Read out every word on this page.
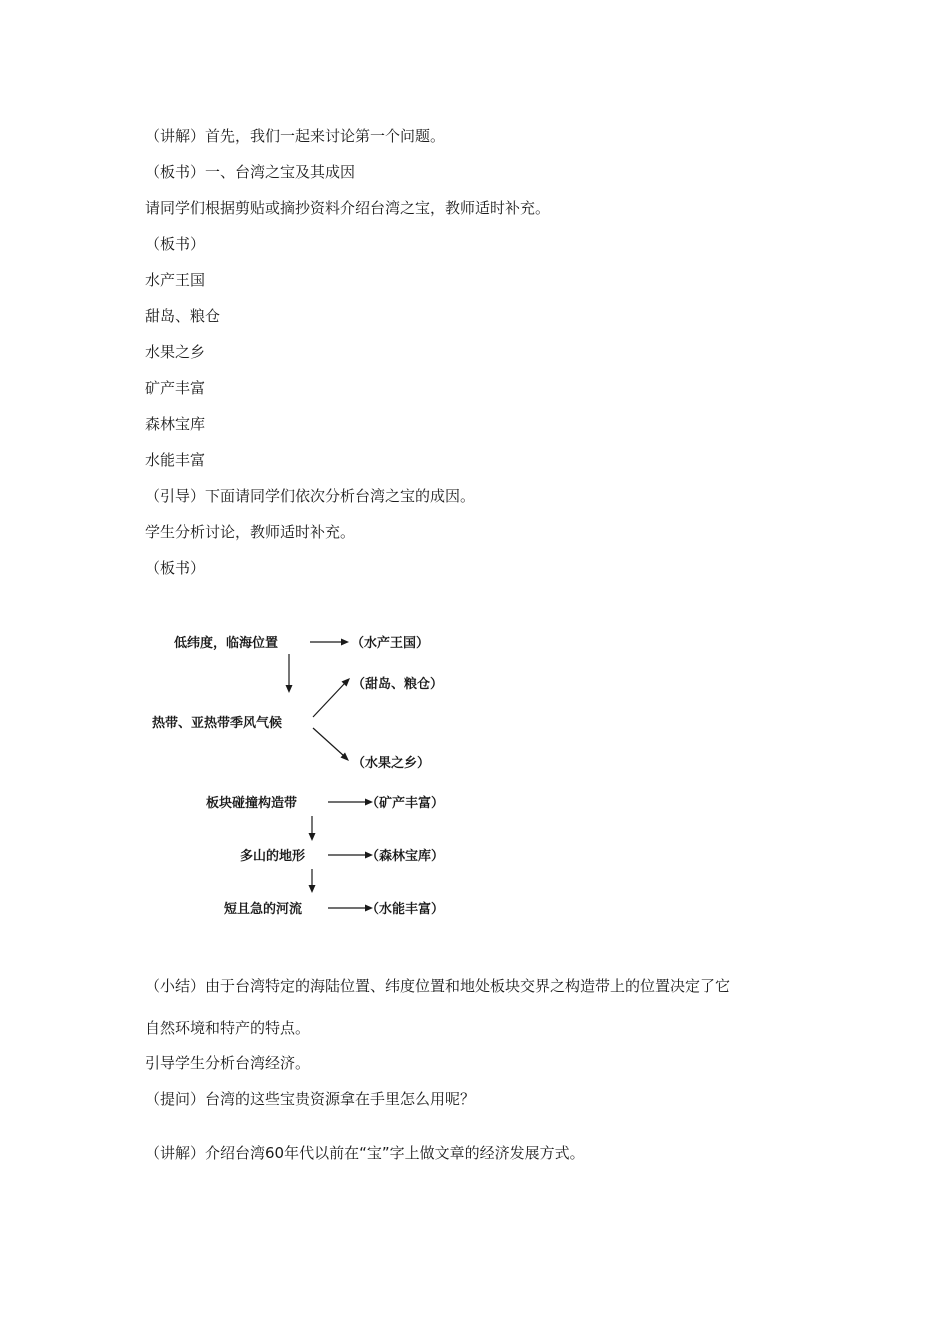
（讲解）首先，我们一起来讨论第一个问题。
（板书）一、台湾之宝及其成因
请同学们根据剪贴或摘抄资料介绍台湾之宝，教师适时补充。
（板书）
水产王国
甜岛、粮仓
水果之乡
矿产丰富
森林宝库
水能丰富
（引导）下面请同学们依次分析台湾之宝的成因。
学生分析讨论，教师适时补充。
（板书）
低纬度，临海位置	（水产王国）
（甜岛、粮仓）
热带、亚热带季风气候
（水果之乡）
板块碰撞构造带	（矿产丰富）
多山的地形	（森林宝库）
短且急的河流	（水能丰富）
（小结）由于台湾特定的海陆位置、纬度位置和地处板块交界之构造带上的位置决定了它
自然环境和特产的特点。
引导学生分析台湾经济。
（提问）台湾的这些宝贵资源拿在手里怎么用呢？
（讲解）介绍台湾60年代以前在“宝”字上做文章的经济发展方式。
